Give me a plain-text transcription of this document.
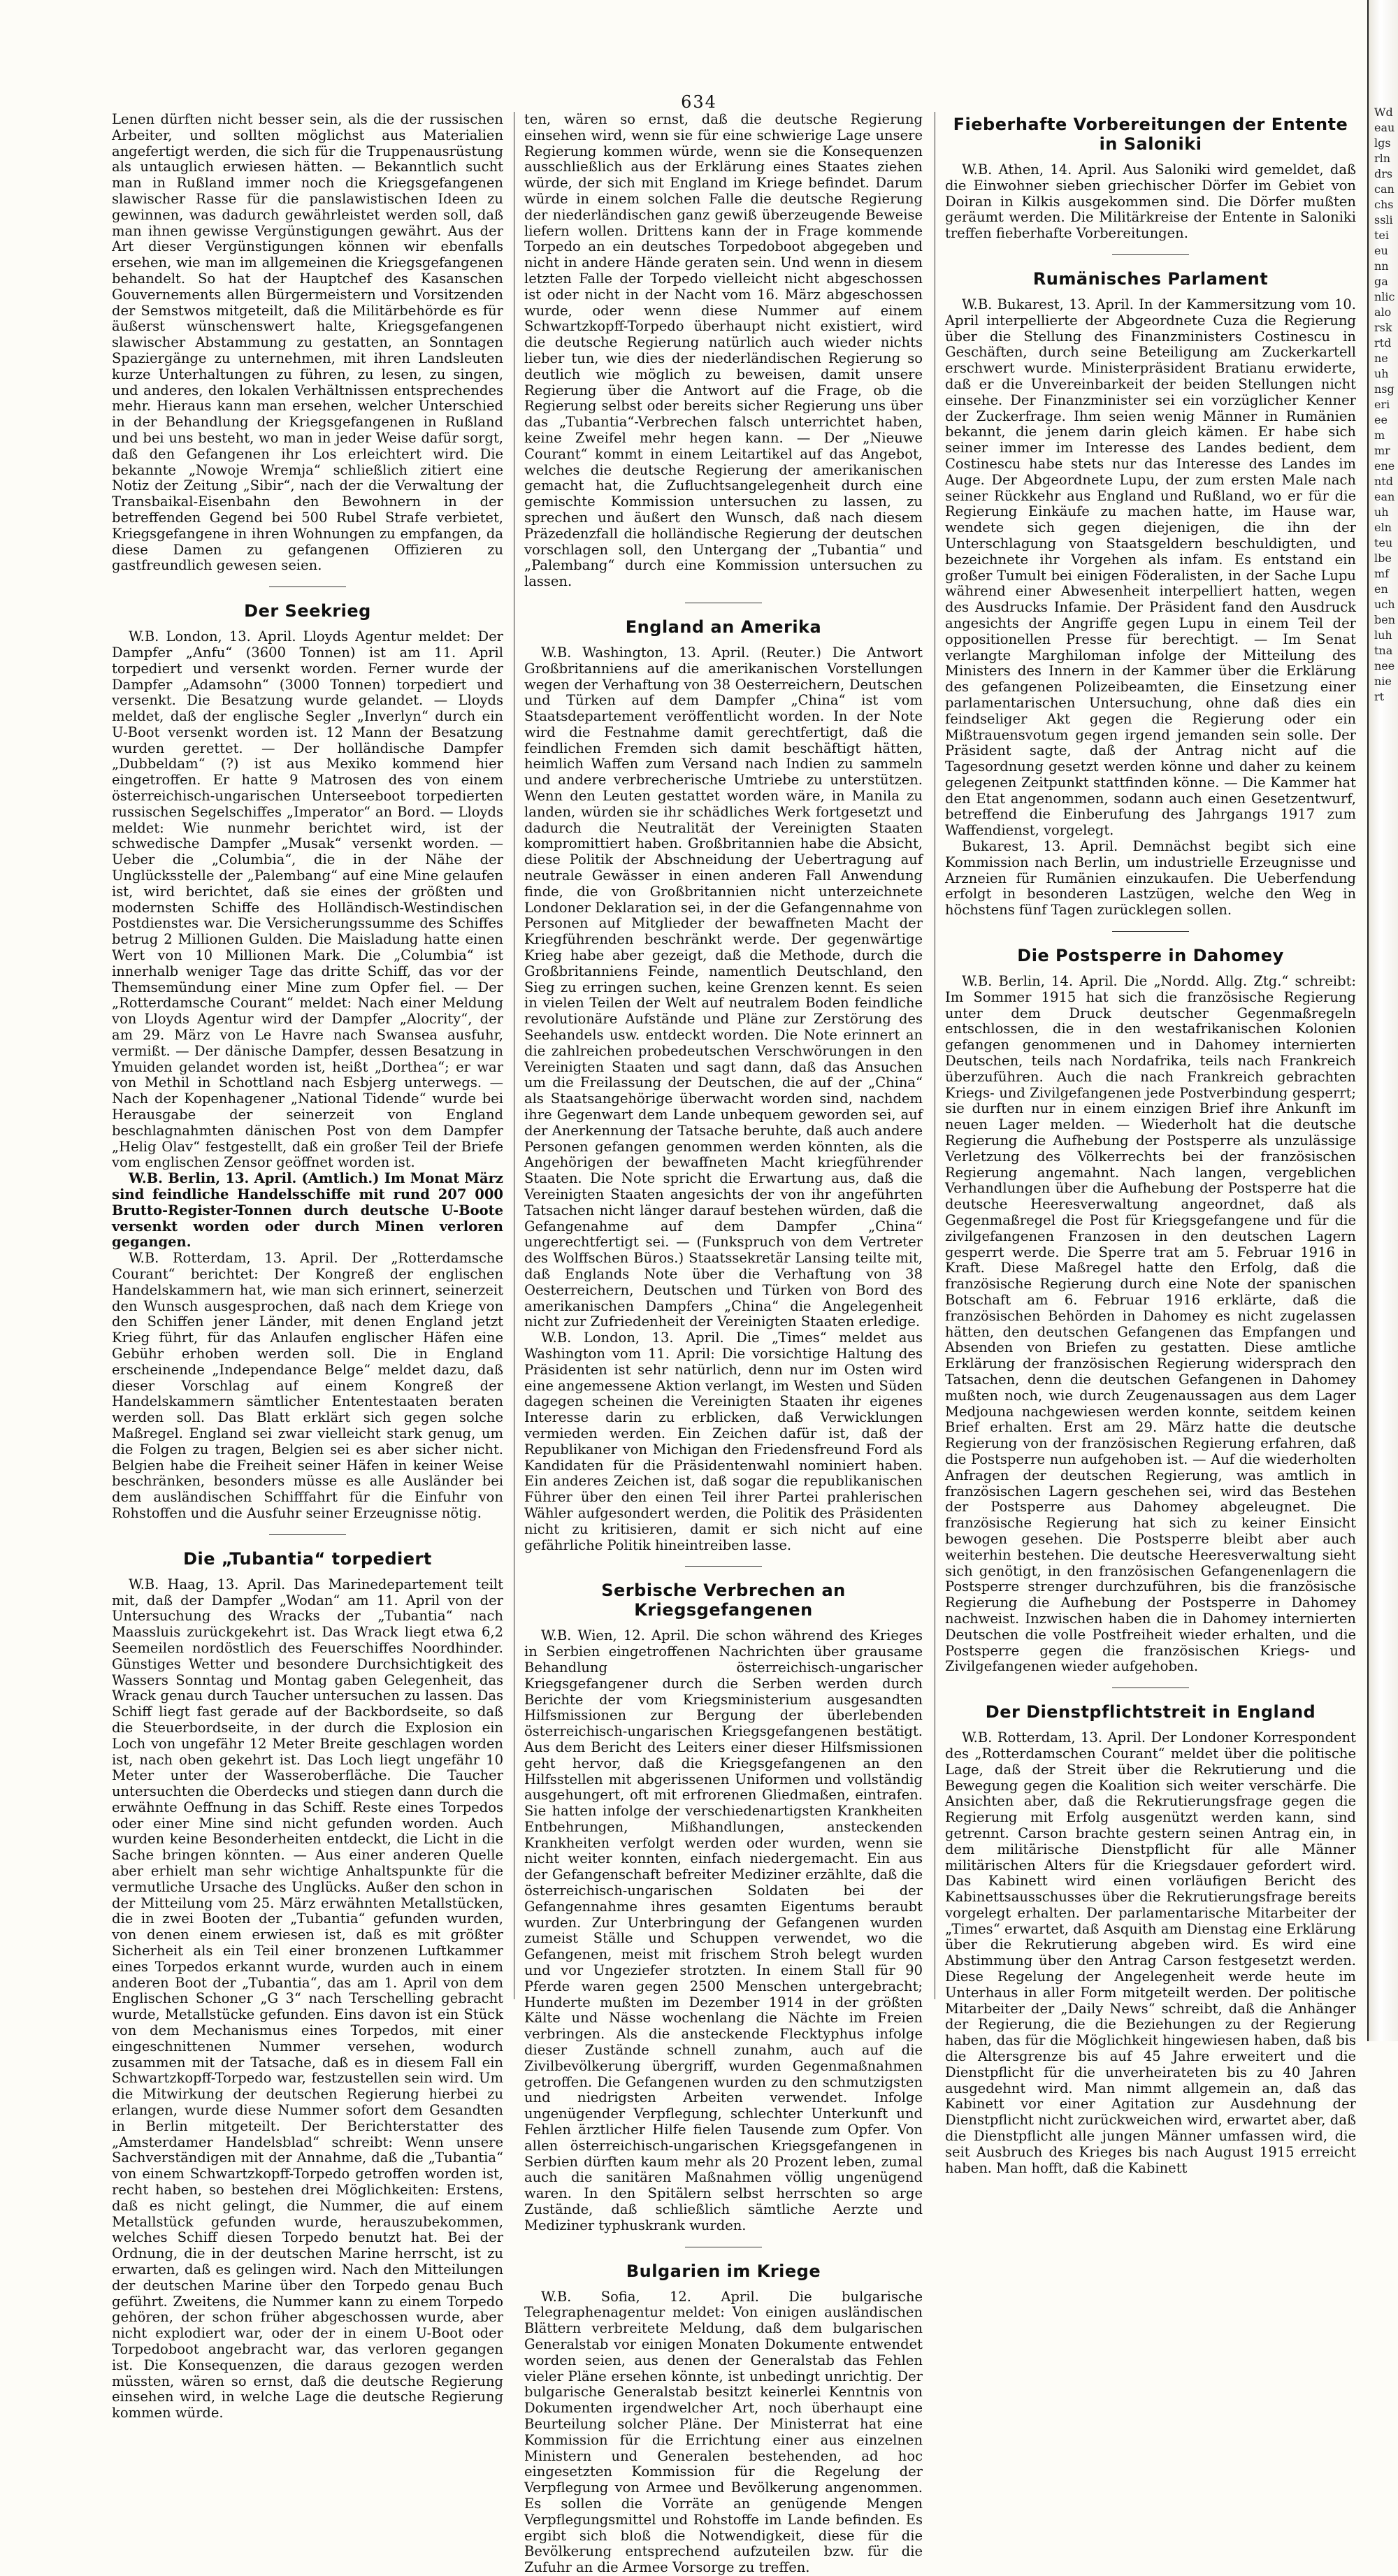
634

Lenen dürften nicht besser sein, als die der russischen Arbeiter, und sollten möglichst aus Materialien angefertigt werden, die sich für die Truppenausrüstung als untauglich erwiesen hätten. — Bekanntlich sucht man in Rußland immer noch die Kriegsgefangenen slawischer Rasse für die panslawistischen Ideen zu gewinnen, was dadurch gewährleistet werden soll, daß man ihnen gewisse Vergünstigungen gewährt. Aus der Art dieser Vergünstigungen können wir ebenfalls ersehen, wie man im allgemeinen die Kriegsgefangenen behandelt. So hat der Hauptchef des Kasanschen Gouvernements allen Bürgermeistern und Vorsitzenden der Semstwos mitgeteilt, daß die Militärbehörde es für äußerst wünschenswert halte, Kriegsgefangenen slawischer Abstammung zu gestatten, an Sonntagen Spaziergänge zu unternehmen, mit ihren Landsleuten kurze Unterhaltungen zu führen, zu lesen, zu singen, und anderes, den lokalen Verhältnissen entsprechendes mehr. Hieraus kann man ersehen, welcher Unterschied in der Behandlung der Kriegsgefangenen in Rußland und bei uns besteht, wo man in jeder Weise dafür sorgt, daß den Gefangenen ihr Los erleichtert wird. Die bekannte „Nowoje Wremja“ schließlich zitiert eine Notiz der Zeitung „Sibir“, nach der die Verwaltung der Transbaikal-Eisenbahn den Bewohnern in der betreffenden Gegend bei 500 Rubel Strafe verbietet, Kriegsgefangene in ihren Wohnungen zu empfangen, da diese Damen zu gefangenen Offizieren zu gastfreundlich gewesen seien.

Der Seekrieg

W.B. London, 13. April. Lloyds Agentur meldet: Der Dampfer „Anfu“ (3600 Tonnen) ist am 11. April torpediert und versenkt worden. Ferner wurde der Dampfer „Adamsohn“ (3000 Tonnen) torpediert und versenkt. Die Besatzung wurde gelandet. — Lloyds meldet, daß der englische Segler „Inverlyn“ durch ein U-Boot versenkt worden ist. 12 Mann der Besatzung wurden gerettet. — Der holländische Dampfer „Dubbeldam“ (?) ist aus Mexiko kommend hier eingetroffen. Er hatte 9 Matrosen des von einem österreichisch-ungarischen Unterseeboot torpedierten russischen Segelschiffes „Imperator“ an Bord. — Lloyds meldet: Wie nunmehr berichtet wird, ist der schwedische Dampfer „Musak“ versenkt worden. — Ueber die „Columbia“, die in der Nähe der Unglücksstelle der „Palembang“ auf eine Mine gelaufen ist, wird berichtet, daß sie eines der größten und modernsten Schiffe des Holländisch-Westindischen Postdienstes war. Die Versicherungssumme des Schiffes betrug 2 Millionen Gulden. Die Maisladung hatte einen Wert von 10 Millionen Mark. Die „Columbia“ ist innerhalb weniger Tage das dritte Schiff, das vor der Themsemündung einer Mine zum Opfer fiel. — Der „Rotterdamsche Courant“ meldet: Nach einer Meldung von Lloyds Agentur wird der Dampfer „Alocrity“, der am 29. März von Le Havre nach Swansea ausfuhr, vermißt. — Der dänische Dampfer, dessen Besatzung in Ymuiden gelandet worden ist, heißt „Dorthea“; er war von Methil in Schottland nach Esbjerg unterwegs. — Nach der Kopenhagener „National Tidende“ wurde bei Herausgabe der seinerzeit von England beschlagnahmten dänischen Post von dem Dampfer „Helig Olav“ festgestellt, daß ein großer Teil der Briefe vom englischen Zensor geöffnet worden ist.

W.B. Berlin, 13. April. (Amtlich.) Im Monat März sind feindliche Handelsschiffe mit rund 207 000 Brutto-Register-Tonnen durch deutsche U-Boote versenkt worden oder durch Minen verloren gegangen.

W.B. Rotterdam, 13. April. Der „Rotterdamsche Courant“ berichtet: Der Kongreß der englischen Handelskammern hat, wie man sich erinnert, seinerzeit den Wunsch ausgesprochen, daß nach dem Kriege von den Schiffen jener Länder, mit denen England jetzt Krieg führt, für das Anlaufen englischer Häfen eine Gebühr erhoben werden soll. Die in England erscheinende „Independance Belge“ meldet dazu, daß dieser Vorschlag auf einem Kongreß der Handelskammern sämtlicher Ententestaaten beraten werden soll. Das Blatt erklärt sich gegen solche Maßregel. England sei zwar vielleicht stark genug, um die Folgen zu tragen, Belgien sei es aber sicher nicht. Belgien habe die Freiheit seiner Häfen in keiner Weise beschränken, besonders müsse es alle Ausländer bei dem ausländischen Schifffahrt für die Einfuhr von Rohstoffen und die Ausfuhr seiner Erzeugnisse nötig.

Die „Tubantia“ torpediert

W.B. Haag, 13. April. Das Marinedepartement teilt mit, daß der Dampfer „Wodan“ am 11. April von der Untersuchung des Wracks der „Tubantia“ nach Maassluis zurückgekehrt ist. Das Wrack liegt etwa 6,2 Seemeilen nordöstlich des Feuerschiffes Noordhinder. Günstiges Wetter und besondere Durchsichtigkeit des Wassers Sonntag und Montag gaben Gelegenheit, das Wrack genau durch Taucher untersuchen zu lassen. Das Schiff liegt fast gerade auf der Backbordseite, so daß die Steuerbordseite, in der durch die Explosion ein Loch von ungefähr 12 Meter Breite geschlagen worden ist, nach oben gekehrt ist. Das Loch liegt ungefähr 10 Meter unter der Wasseroberfläche. Die Taucher untersuchten die Oberdecks und stiegen dann durch die erwähnte Oeffnung in das Schiff. Reste eines Torpedos oder einer Mine sind nicht gefunden worden. Auch wurden keine Besonderheiten entdeckt, die Licht in die Sache bringen könnten. — Aus einer anderen Quelle aber erhielt man sehr wichtige Anhaltspunkte für die vermutliche Ursache des Unglücks. Außer den schon in der Mitteilung vom 25. März erwähnten Metallstücken, die in zwei Booten der „Tubantia“ gefunden wurden, von denen einem erwiesen ist, daß es mit größter Sicherheit als ein Teil einer bronzenen Luftkammer eines Torpedos erkannt wurde, wurden auch in einem anderen Boot der „Tubantia“, das am 1. April von dem Englischen Schoner „G 3“ nach Terschelling gebracht wurde, Metallstücke gefunden. Eins davon ist ein Stück von dem Mechanismus eines Torpedos, mit einer eingeschnittenen Nummer versehen, wodurch zusammen mit der Tatsache, daß es in diesem Fall ein Schwartzkopff-Torpedo war, festzustellen sein wird. Um die Mitwirkung der deutschen Regierung hierbei zu erlangen, wurde diese Nummer sofort dem Gesandten in Berlin mitgeteilt. Der Berichterstatter des „Amsterdamer Handelsblad“ schreibt: Wenn unsere Sachverständigen mit der Annahme, daß die „Tubantia“ von einem Schwartzkopff-Torpedo getroffen worden ist, recht haben, so bestehen drei Möglichkeiten: Erstens, daß es nicht gelingt, die Nummer, die auf einem Metallstück gefunden wurde, herauszubekommen, welches Schiff diesen Torpedo benutzt hat. Bei der Ordnung, die in der deutschen Marine herrscht, ist zu erwarten, daß es gelingen wird. Nach den Mitteilungen der deutschen Marine über den Torpedo genau Buch geführt. Zweitens, die Nummer kann zu einem Torpedo gehören, der schon früher abgeschossen wurde, aber nicht explodiert war, oder der in einem U-Boot oder Torpedoboot angebracht war, das verloren gegangen ist. Die Konsequenzen, die daraus gezogen werden müssten, wären so ernst, daß die deutsche Regierung einsehen wird, in welche Lage die deutsche Regierung kommen würde.

ten, wären so ernst, daß die deutsche Regierung einsehen wird, wenn sie für eine schwierige Lage unsere Regierung kommen würde, wenn sie die Konsequenzen ausschließlich aus der Erklärung eines Staates ziehen würde, der sich mit England im Kriege befindet. Darum würde in einem solchen Falle die deutsche Regierung der niederländischen ganz gewiß überzeugende Beweise liefern wollen. Drittens kann der in Frage kommende Torpedo an ein deutsches Torpedoboot abgegeben und nicht in andere Hände geraten sein. Und wenn in diesem letzten Falle der Torpedo vielleicht nicht abgeschossen ist oder nicht in der Nacht vom 16. März abgeschossen wurde, oder wenn diese Nummer auf einem Schwartzkopff-Torpedo überhaupt nicht existiert, wird die deutsche Regierung natürlich auch wieder nichts lieber tun, wie dies der niederländischen Regierung so deutlich wie möglich zu beweisen, damit unsere Regierung über die Antwort auf die Frage, ob die Regierung selbst oder bereits sicher Regierung uns über das „Tubantia“-Verbrechen falsch unterrichtet haben, keine Zweifel mehr hegen kann. — Der „Nieuwe Courant“ kommt in einem Leitartikel auf das Angebot, welches die deutsche Regierung der amerikanischen gemacht hat, die Zufluchtsangelegenheit durch eine gemischte Kommission untersuchen zu lassen, zu sprechen und äußert den Wunsch, daß nach diesem Präzedenzfall die holländische Regierung der deutschen vorschlagen soll, den Untergang der „Tubantia“ und „Palembang“ durch eine Kommission untersuchen zu lassen.

England an Amerika

W.B. Washington, 13. April. (Reuter.) Die Antwort Großbritanniens auf die amerikanischen Vorstellungen wegen der Verhaftung von 38 Oesterreichern, Deutschen und Türken auf dem Dampfer „China“ ist vom Staatsdepartement veröffentlicht worden. In der Note wird die Festnahme damit gerechtfertigt, daß die feindlichen Fremden sich damit beschäftigt hätten, heimlich Waffen zum Versand nach Indien zu sammeln und andere verbrecherische Umtriebe zu unterstützen. Wenn den Leuten gestattet worden wäre, in Manila zu landen, würden sie ihr schädliches Werk fortgesetzt und dadurch die Neutralität der Vereinigten Staaten kompromittiert haben. Großbritannien habe die Absicht, diese Politik der Abschneidung der Uebertragung auf neutrale Gewässer in einen anderen Fall Anwendung finde, die von Großbritannien nicht unterzeichnete Londoner Deklaration sei, in der die Gefangennahme von Personen auf Mitglieder der bewaffneten Macht der Kriegführenden beschränkt werde. Der gegenwärtige Krieg habe aber gezeigt, daß die Methode, durch die Großbritanniens Feinde, namentlich Deutschland, den Sieg zu erringen suchen, keine Grenzen kennt. Es seien in vielen Teilen der Welt auf neutralem Boden feindliche revolutionäre Aufstände und Pläne zur Zerstörung des Seehandels usw. entdeckt worden. Die Note erinnert an die zahlreichen probedeutschen Verschwörungen in den Vereinigten Staaten und sagt dann, daß das Ansuchen um die Freilassung der Deutschen, die auf der „China“ als Staatsangehörige überwacht worden sind, nachdem ihre Gegenwart dem Lande unbequem geworden sei, auf der Anerkennung der Tatsache beruhte, daß auch andere Personen gefangen genommen werden könnten, als die Angehörigen der bewaffneten Macht kriegführender Staaten. Die Note spricht die Erwartung aus, daß die Vereinigten Staaten angesichts der von ihr angeführten Tatsachen nicht länger darauf bestehen würden, daß die Gefangenahme auf dem Dampfer „China“ ungerechtfertigt sei. — (Funkspruch von dem Vertreter des Wolffschen Büros.) Staatssekretär Lansing teilte mit, daß Englands Note über die Verhaftung von 38 Oesterreichern, Deutschen und Türken von Bord des amerikanischen Dampfers „China“ die Angelegenheit nicht zur Zufriedenheit der Vereinigten Staaten erledige.

W.B. London, 13. April. Die „Times“ meldet aus Washington vom 11. April: Die vorsichtige Haltung des Präsidenten ist sehr natürlich, denn nur im Osten wird eine angemessene Aktion verlangt, im Westen und Süden dagegen scheinen die Vereinigten Staaten ihr eigenes Interesse darin zu erblicken, daß Verwicklungen vermieden werden. Ein Zeichen dafür ist, daß der Republikaner von Michigan den Friedensfreund Ford als Kandidaten für die Präsidentenwahl nominiert haben. Ein anderes Zeichen ist, daß sogar die republikanischen Führer über den einen Teil ihrer Partei prahlerischen Wähler aufgesondert werden, die Politik des Präsidenten nicht zu kritisieren, damit er sich nicht auf eine gefährliche Politik hineintreiben lasse.

Serbische Verbrechen an Kriegsgefangenen

W.B. Wien, 12. April. Die schon während des Krieges in Serbien eingetroffenen Nachrichten über grausame Behandlung österreichisch-ungarischer Kriegsgefangener durch die Serben werden durch Berichte der vom Kriegsministerium ausgesandten Hilfsmissionen zur Bergung der überlebenden österreichisch-ungarischen Kriegsgefangenen bestätigt. Aus dem Bericht des Leiters einer dieser Hilfsmissionen geht hervor, daß die Kriegsgefangenen an den Hilfsstellen mit abgerissenen Uniformen und vollständig ausgehungert, oft mit erfrorenen Gliedmaßen, eintrafen. Sie hatten infolge der verschiedenartigsten Krankheiten Entbehrungen, Mißhandlungen, ansteckenden Krankheiten verfolgt werden oder wurden, wenn sie nicht weiter konnten, einfach niedergemacht. Ein aus der Gefangenschaft befreiter Mediziner erzählte, daß die österreichisch-ungarischen Soldaten bei der Gefangennahme ihres gesamten Eigentums beraubt wurden. Zur Unterbringung der Gefangenen wurden zumeist Ställe und Schuppen verwendet, wo die Gefangenen, meist mit frischem Stroh belegt wurden und vor Ungeziefer strotzten. In einem Stall für 90 Pferde waren gegen 2500 Menschen untergebracht; Hunderte mußten im Dezember 1914 in der größten Kälte und Nässe wochenlang die Nächte im Freien verbringen. Als die ansteckende Flecktyphus infolge dieser Zustände schnell zunahm, auch auf die Zivilbevölkerung übergriff, wurden Gegenmaßnahmen getroffen. Die Gefangenen wurden zu den schmutzigsten und niedrigsten Arbeiten verwendet. Infolge ungenügender Verpflegung, schlechter Unterkunft und Fehlen ärztlicher Hilfe fielen Tausende zum Opfer. Von allen österreichisch-ungarischen Kriegsgefangenen in Serbien dürften kaum mehr als 20 Prozent leben, zumal auch die sanitären Maßnahmen völlig ungenügend waren. In den Spitälern selbst herrschten so arge Zustände, daß schließlich sämtliche Aerzte und Mediziner typhuskrank wurden.

Bulgarien im Kriege

W.B. Sofia, 12. April. Die bulgarische Telegraphenagentur meldet: Von einigen ausländischen Blättern verbreitete Meldung, daß dem bulgarischen Generalstab vor einigen Monaten Dokumente entwendet worden seien, aus denen der Generalstab das Fehlen vieler Pläne ersehen könnte, ist unbedingt unrichtig. Der bulgarische Generalstab besitzt keinerlei Kenntnis von Dokumenten irgendwelcher Art, noch überhaupt eine Beurteilung solcher Pläne. Der Ministerrat hat eine Kommission für die Errichtung einer aus einzelnen Ministern und Generalen bestehenden, ad hoc eingesetzten Kommission für die Regelung der Verpflegung von Armee und Bevölkerung angenommen. Es sollen die Vorräte an genügende Mengen Verpflegungsmittel und Rohstoffe im Lande befinden. Es ergibt sich bloß die Notwendigkeit, diese für die Bevölkerung entsprechend aufzuteilen bzw. für die Zufuhr an die Armee Vorsorge zu treffen.

Fieberhafte Vorbereitungen der Entente in Saloniki

W.B. Athen, 14. April. Aus Saloniki wird gemeldet, daß die Einwohner sieben griechischer Dörfer im Gebiet von Doiran in Kilkis ausgekommen sind. Die Dörfer mußten geräumt werden. Die Militärkreise der Entente in Saloniki treffen fieberhafte Vorbereitungen.

Rumänisches Parlament

W.B. Bukarest, 13. April. In der Kammersitzung vom 10. April interpellierte der Abgeordnete Cuza die Regierung über die Stellung des Finanzministers Costinescu in Geschäften, durch seine Beteiligung am Zuckerkartell erschwert wurde. Ministerpräsident Bratianu erwiderte, daß er die Unvereinbarkeit der beiden Stellungen nicht einsehe. Der Finanzminister sei ein vorzüglicher Kenner der Zuckerfrage. Ihm seien wenig Männer in Rumänien bekannt, die jenem darin gleich kämen. Er habe sich seiner immer im Interesse des Landes bedient, dem Costinescu habe stets nur das Interesse des Landes im Auge. Der Abgeordnete Lupu, der zum ersten Male nach seiner Rückkehr aus England und Rußland, wo er für die Regierung Einkäufe zu machen hatte, im Hause war, wendete sich gegen diejenigen, die ihn der Unterschlagung von Staatsgeldern beschuldigten, und bezeichnete ihr Vorgehen als infam. Es entstand ein großer Tumult bei einigen Föderalisten, in der Sache Lupu während einer Abwesenheit interpelliert hatten, wegen des Ausdrucks Infamie. Der Präsident fand den Ausdruck angesichts der Angriffe gegen Lupu in einem Teil der oppositionellen Presse für berechtigt. — Im Senat verlangte Marghiloman infolge der Mitteilung des Ministers des Innern in der Kammer über die Erklärung des gefangenen Polizeibeamten, die Einsetzung einer parlamentarischen Untersuchung, ohne daß dies ein feindseliger Akt gegen die Regierung oder ein Mißtrauensvotum gegen irgend jemanden sein solle. Der Präsident sagte, daß der Antrag nicht auf die Tagesordnung gesetzt werden könne und daher zu keinem gelegenen Zeitpunkt stattfinden könne. — Die Kammer hat den Etat angenommen, sodann auch einen Gesetzentwurf, betreffend die Einberufung des Jahrgangs 1917 zum Waffendienst, vorgelegt.

Bukarest, 13. April. Demnächst begibt sich eine Kommission nach Berlin, um industrielle Erzeugnisse und Arzneien für Rumänien einzukaufen. Die Ueberfendung erfolgt in besonderen Lastzügen, welche den Weg in höchstens fünf Tagen zurücklegen sollen.

Die Postsperre in Dahomey

W.B. Berlin, 14. April. Die „Nordd. Allg. Ztg.“ schreibt: Im Sommer 1915 hat sich die französische Regierung unter dem Druck deutscher Gegenmaßregeln entschlossen, die in den westafrikanischen Kolonien gefangen genommenen und in Dahomey internierten Deutschen, teils nach Nordafrika, teils nach Frankreich überzuführen. Auch die nach Frankreich gebrachten Kriegs- und Zivilgefangenen jede Postverbindung gesperrt; sie durften nur in einem einzigen Brief ihre Ankunft im neuen Lager melden. — Wiederholt hat die deutsche Regierung die Aufhebung der Postsperre als unzulässige Verletzung des Völkerrechts bei der französischen Regierung angemahnt. Nach langen, vergeblichen Verhandlungen über die Aufhebung der Postsperre hat die deutsche Heeresverwaltung angeordnet, daß als Gegenmaßregel die Post für Kriegsgefangene und für die zivilgefangenen Franzosen in den deutschen Lagern gesperrt werde. Die Sperre trat am 5. Februar 1916 in Kraft. Diese Maßregel hatte den Erfolg, daß die französische Regierung durch eine Note der spanischen Botschaft am 6. Februar 1916 erklärte, daß die französischen Behörden in Dahomey es nicht zugelassen hätten, den deutschen Gefangenen das Empfangen und Absenden von Briefen zu gestatten. Diese amtliche Erklärung der französischen Regierung widersprach den Tatsachen, denn die deutschen Gefangenen in Dahomey mußten noch, wie durch Zeugenaussagen aus dem Lager Medjouna nachgewiesen werden konnte, seitdem keinen Brief erhalten. Erst am 29. März hatte die deutsche Regierung von der französischen Regierung erfahren, daß die Postsperre nun aufgehoben ist. — Auf die wiederholten Anfragen der deutschen Regierung, was amtlich in französischen Lagern geschehen sei, wird das Bestehen der Postsperre aus Dahomey abgeleugnet. Die französische Regierung hat sich zu keiner Einsicht bewogen gesehen. Die Postsperre bleibt aber auch weiterhin bestehen. Die deutsche Heeresverwaltung sieht sich genötigt, in den französischen Gefangenenlagern die Postsperre strenger durchzuführen, bis die französische Regierung die Aufhebung der Postsperre in Dahomey nachweist. Inzwischen haben die in Dahomey internierten Deutschen die volle Postfreiheit wieder erhalten, und die Postsperre gegen die französischen Kriegs- und Zivilgefangenen wieder aufgehoben.

Der Dienstpflichtstreit in England

W.B. Rotterdam, 13. April. Der Londoner Korrespondent des „Rotterdamschen Courant“ meldet über die politische Lage, daß der Streit über die Rekrutierung und die Bewegung gegen die Koalition sich weiter verschärfe. Die Ansichten aber, daß die Rekrutierungsfrage gegen die Regierung mit Erfolg ausgenützt werden kann, sind getrennt. Carson brachte gestern seinen Antrag ein, in dem militärische Dienstpflicht für alle Männer militärischen Alters für die Kriegsdauer gefordert wird. Das Kabinett wird einen vorläufigen Bericht des Kabinettsausschusses über die Rekrutierungsfrage bereits vorgelegt erhalten. Der parlamentarische Mitarbeiter der „Times“ erwartet, daß Asquith am Dienstag eine Erklärung über die Rekrutierung abgeben wird. Es wird eine Abstimmung über den Antrag Carson festgesetzt werden. Diese Regelung der Angelegenheit werde heute im Unterhaus in aller Form mitgeteilt werden. Der politische Mitarbeiter der „Daily News“ schreibt, daß die Anhänger der Regierung, die die Beziehungen zu der Regierung haben, das für die Möglichkeit hingewiesen haben, daß bis die Altersgrenze bis auf 45 Jahre erweitert und die Dienstpflicht für die unverheirateten bis zu 40 Jahren ausgedehnt wird. Man nimmt allgemein an, daß das Kabinett vor einer Agitation zur Ausdehnung der Dienstpflicht nicht zurückweichen wird, erwartet aber, daß die Dienstpflicht alle jungen Männer umfassen wird, die seit Ausbruch des Krieges bis nach August 1915 erreicht haben. Man hofft, daß die Kabinett

Wdeaulgsrlndrscanchsssliteieunnganlicalorskrtdneuhnsgerieemmrenentdeanuhelnteulbemfenuchbenluhtnaneeniert
